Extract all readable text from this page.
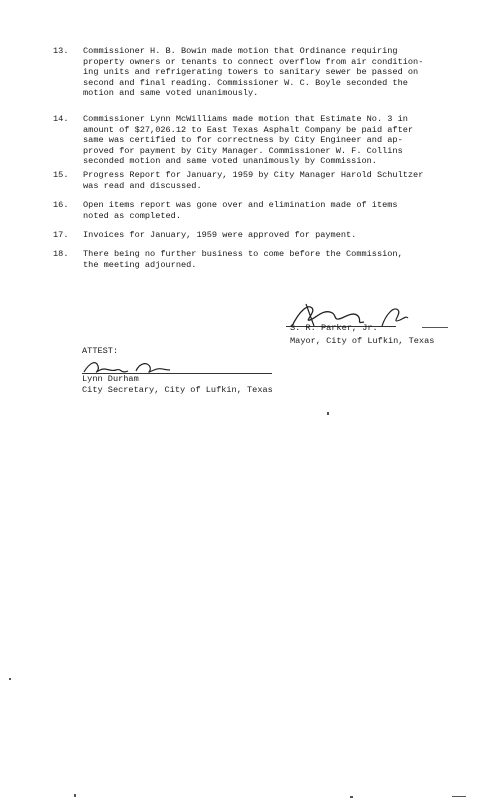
13.	Commissioner H. B. Bowin made motion that Ordinance requiring
property owners or tenants to connect overflow from air condition-
ing units and refrigerating towers to sanitary sewer be passed on
second and final reading. Commissioner W. C. Boyle seconded the
motion and same voted unanimously.
14.	Commissioner Lynn McWilliams made motion that Estimate No. 3 in
amount of $27,026.12 to East Texas Asphalt Company be paid after
same was certified to for correctness by City Engineer and ap-
proved for payment by City Manager. Commissioner W. F. Collins
seconded motion and same voted unanimously by Commission.
15.	Progress Report for January, 1959 by City Manager Harold Schultzer
was read and discussed.
16.	Open items report was gone over and elimination made of items
noted as completed.
17.	Invoices for January, 1959 were approved for payment.
18.	There being no further business to come before the Commission,
the meeting adjourned.
S. R. Parker, Jr.
Mayor, City of Lufkin, Texas
ATTEST:
Lynn Durham
City Secretary, City of Lufkin, Texas
